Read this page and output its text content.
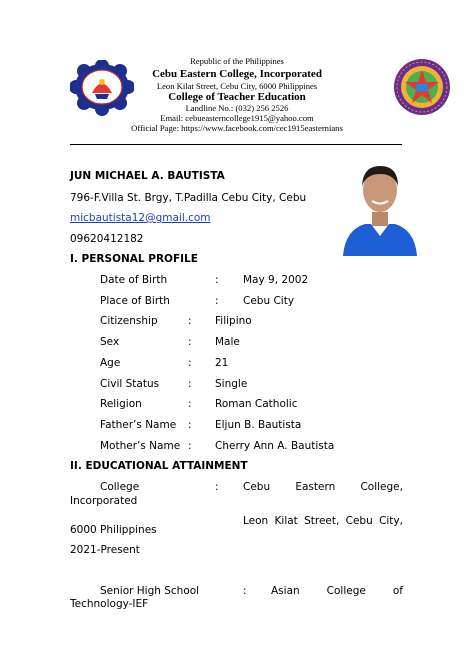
Republic of the Philippines
Cebu Eastern College, Incorporated
Leon Kilat Street, Cebu City, 6000 Philippines
College of Teacher Education
Landline No.: (032) 256 2526
Email: cebueasterncollege1915@yahoo.com
Official Page: https://www.facebook.com/cec1915easternians
JUN MICHAEL A. BAUTISTA
796-F.Villa St. Brgy, T.Padilla Cebu City, Cebu
micbautista12@gmail.com
09620412182
I. PERSONAL PROFILE
Date of Birth	: May 9, 2002
Place of Birth	: Cebu City
Citizenship	: Filipino
Sex	: Male
Age	: 21
Civil Status	: Single
Religion	: Roman Catholic
Father’s Name : Eljun B. Bautista
Mother’s Name : Cherry Ann A. Bautista
II. EDUCATIONAL ATTAINMENT
College	: Cebu Eastern College,
Incorporated
Leon Kilat Street, Cebu City,
6000 Philippines
2021-Present
Senior High School	: Asian	College	of
Technology-IEF
